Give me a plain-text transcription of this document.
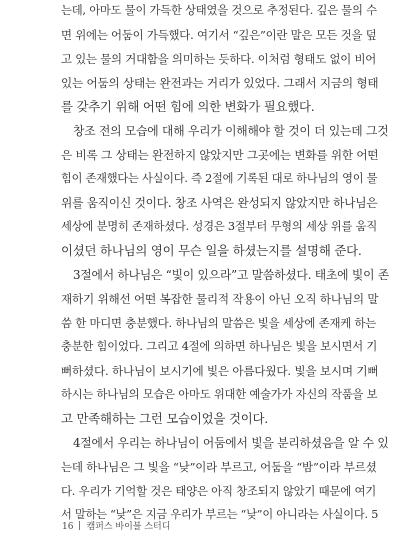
는데, 아마도 물이 가득한 상태였을 것으로 추정된다. 깊은 물의 수
면 위에는 어둠이 가득했다. 여기서 “깊은”이란 말은 모든 것을 덮
고 있는 물의 거대함을 의미하는 듯하다. 이처럼 형태도 없이 비어
있는 어둠의 상태는 완전과는 거리가 있었다. 그래서 지금의 형태
를 갖추기 위해 어떤 힘에 의한 변화가 필요했다.
창조 전의 모습에 대해 우리가 이해해야 할 것이 더 있는데 그것
은 비록 그 상태는 완전하지 않았지만 그곳에는 변화를 위한 어떤
힘이 존재했다는 사실이다. 즉 2절에 기록된 대로 하나님의 영이 물
위를 움직이신 것이다. 창조 사역은 완성되지 않았지만 하나님은
세상에 분명히 존재하셨다. 성경은 3절부터 무형의 세상 위를 움직
이셨던 하나님의 영이 무슨 일을 하셨는지를 설명해 준다.
3절에서 하나님은 “빛이 있으라”고 말씀하셨다. 태초에 빛이 존
재하기 위해선 어떤 복잡한 물리적 작용이 아닌 오직 하나님의 말
씀 한 마디면 충분했다. 하나님의 말씀은 빛을 세상에 존재케 하는
충분한 힘이었다. 그리고 4절에 의하면 하나님은 빛을 보시면서 기
뻐하셨다. 하나님이 보시기에 빛은 아름다웠다. 빛을 보시며 기뻐
하시는 하나님의 모습은 아마도 위대한 예술가가 자신의 작품을 보
고 만족해하는 그런 모습이었을 것이다.
4절에서 우리는 하나님이 어둠에서 빛을 분리하셨음을 알 수 있
는데 하나님은 그 빛을 “낮”이라 부르고, 어둠을 “밤”이라 부르셨
다. 우리가 기억할 것은 태양은 아직 창조되지 않았기 때문에 여기
서 말하는 “낮”은 지금 우리가 부르는 “낮”이 아니라는 사실이다. 5
16 캠퍼스 바이블 스터디
